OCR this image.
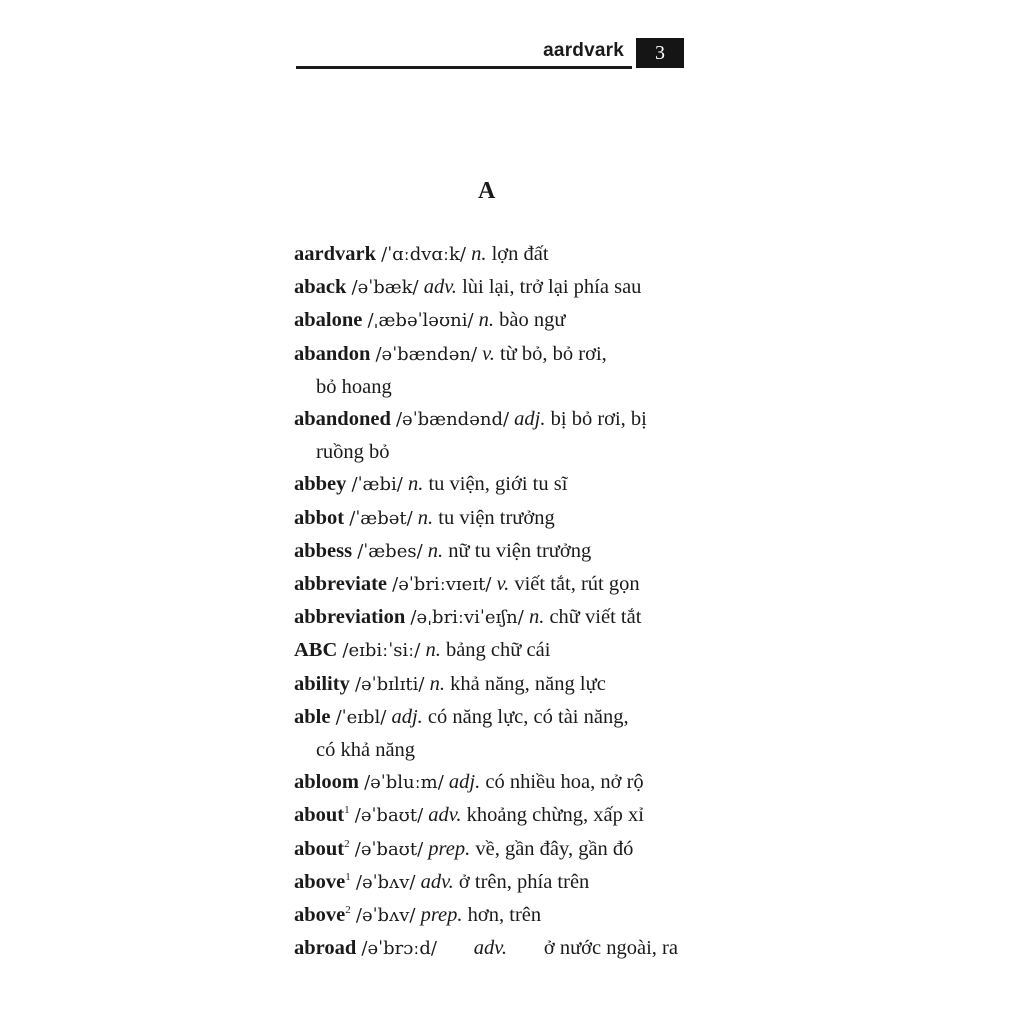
aardvark	3
A
aardvark /ˈɑːdvɑːk/ n. lợn đất
aback /əˈbæk/ adv. lùi lại, trở lại phía sau
abalone /ˌæbəˈləʊni/ n. bào ngư
abandon /əˈbændən/ v. từ bỏ, bỏ rơi,
bỏ hoang
abandoned /əˈbændənd/ adj. bị bỏ rơi, bị
ruồng bỏ
abbey /ˈæbi/ n. tu viện, giới tu sĩ
abbot /ˈæbət/ n. tu viện trưởng
abbess /ˈæbes/ n. nữ tu viện trưởng
abbreviate /əˈbriːvɪeɪt/ v. viết tắt, rút gọn
abbreviation /əˌbriːviˈeɪʃn/ n. chữ viết tắt
ABC /eɪbiːˈsiː/ n. bảng chữ cái
ability /əˈbɪlɪti/ n. khả năng, năng lực
able /ˈeɪbl/ adj. có năng lực, có tài năng,
có khả năng
abloom /əˈbluːm/ adj. có nhiều hoa, nở rộ
about$^1$ /əˈbaʊt/ adv. khoảng chừng, xấp xỉ
about$^2$ /əˈbaʊt/ prep. về, gần đây, gần đó
above$^1$ /əˈbʌv/ adv. ở trên, phía trên
above$^2$ /əˈbʌv/ prep. hơn, trên
abroad /əˈbrɔːd/ adv. ở nước ngoài, ra
